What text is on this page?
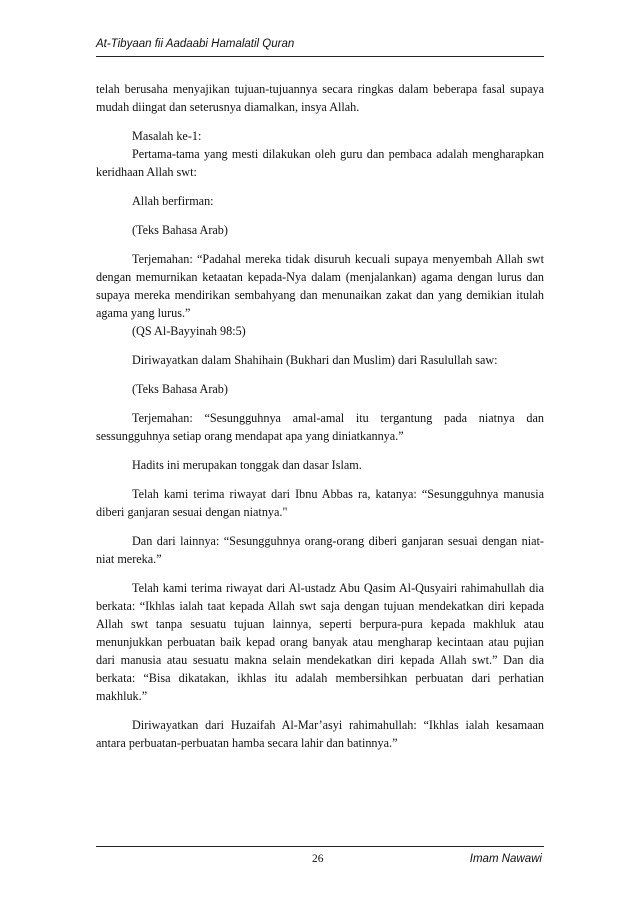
At-Tibyaan fii Aadaabi Hamalatil Quran

telah berusaha menyajikan tujuan-tujuannya secara ringkas dalam beberapa fasal supaya mudah diingat dan seterusnya diamalkan, insya Allah.

Masalah ke-1:

Pertama-tama yang mesti dilakukan oleh guru dan pembaca adalah mengharapkan keridhaan Allah swt:

Allah berfirman:

(Teks Bahasa Arab)

Terjemahan: “Padahal mereka tidak disuruh kecuali supaya menyembah Allah swt dengan memurnikan ketaatan kepada-Nya dalam (menjalankan) agama dengan lurus dan supaya mereka mendirikan sembahyang dan menunaikan zakat dan yang demikian itulah agama yang lurus.”

(QS Al-Bayyinah 98:5)

Diriwayatkan dalam Shahihain (Bukhari dan Muslim) dari Rasulullah saw:

(Teks Bahasa Arab)

Terjemahan: “Sesungguhnya amal-amal itu tergantung pada niatnya dan sessungguhnya setiap orang mendapat apa yang diniatkannya.”

Hadits ini merupakan tonggak dan dasar Islam.

Telah kami terima riwayat dari Ibnu Abbas ra, katanya: “Sesungguhnya manusia diberi ganjaran sesuai dengan niatnya."

Dan dari lainnya: “Sesungguhnya orang-orang diberi ganjaran sesuai dengan niat-niat mereka.”

Telah kami terima riwayat dari Al-ustadz Abu Qasim Al-Qusyairi rahimahullah dia berkata: “Ikhlas ialah taat kepada Allah swt saja dengan tujuan mendekatkan diri kepada Allah swt tanpa sesuatu tujuan lainnya, seperti berpura-pura kepada makhluk atau menunjukkan perbuatan baik kepad orang banyak atau mengharap kecintaan atau pujian dari manusia atau sesuatu makna selain mendekatkan diri kepada Allah swt.” Dan dia berkata: “Bisa dikatakan, ikhlas itu adalah membersihkan perbuatan dari perhatian makhluk.”

Diriwayatkan dari Huzaifah Al-Mar’asyi rahimahullah: “Ikhlas ialah kesamaan antara perbuatan-perbuatan hamba secara lahir dan batinnya.”

26	Imam Nawawi
